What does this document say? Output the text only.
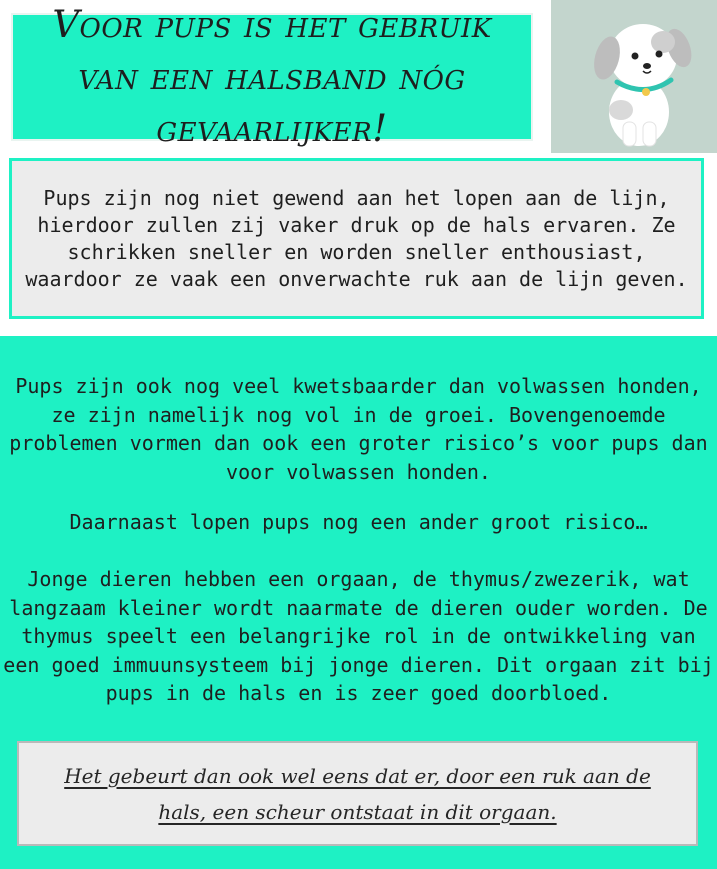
Voor pups is het gebruik van een halsband nóg gevaarlijker!
Pups zijn nog niet gewend aan het lopen aan de lijn, hierdoor zullen zij vaker druk op de hals ervaren. Ze schrikken sneller en worden sneller enthousiast, waardoor ze vaak een onverwachte ruk aan de lijn geven.
Pups zijn ook nog veel kwetsbaarder dan volwassen honden, ze zijn namelijk nog vol in de groei. Bovengenoemde problemen vormen dan ook een groter risico’s voor pups dan voor volwassen honden.
Daarnaast lopen pups nog een ander groot risico…
Jonge dieren hebben een orgaan, de thymus/zwezerik, wat langzaam kleiner wordt naarmate de dieren ouder worden. De thymus speelt een belangrijke rol in de ontwikkeling van een goed immuunsysteem bij jonge dieren. Dit orgaan zit bij pups in de hals en is zeer goed doorbloed.
Het gebeurt dan ook wel eens dat er, door een ruk aan de hals, een scheur ontstaat in dit orgaan.
